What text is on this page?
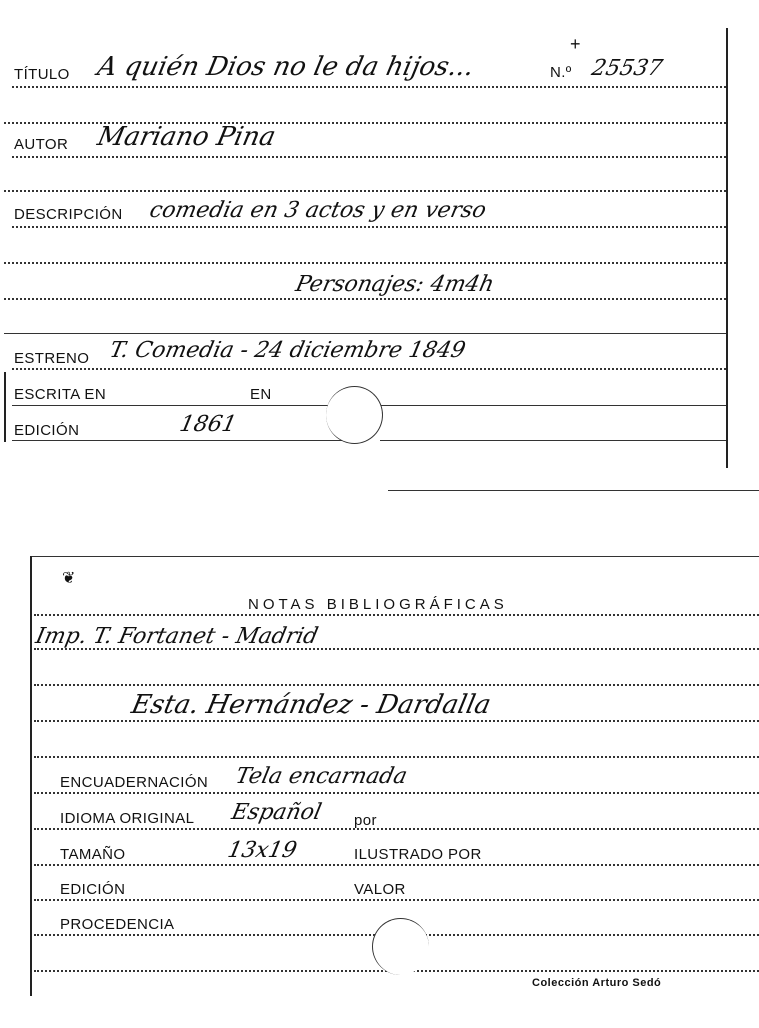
TÍTULO A quién Dios no le da hijos...	N.º 25537
+
AUTOR Mariano Pina
DESCRIPCIÓN comedia en 3 actos y en verso
Personajes: 4m4h
ESTRENO T. Comedia - 24 diciembre 1849
ESCRITA EN	EN
EDICIÓN	1861
❦
NOTAS BIBLIOGRÁFICAS
Imp. T. Fortanet - Madrid
Esta. Hernández - Dardalla
ENCUADERNACIÓN Tela encarnada
IDIOMA ORIGINAL Español por
TAMAÑO	13x19	ILUSTRADO POR
EDICIÓN	VALOR
PROCEDENCIA
Colección Arturo Sedó
